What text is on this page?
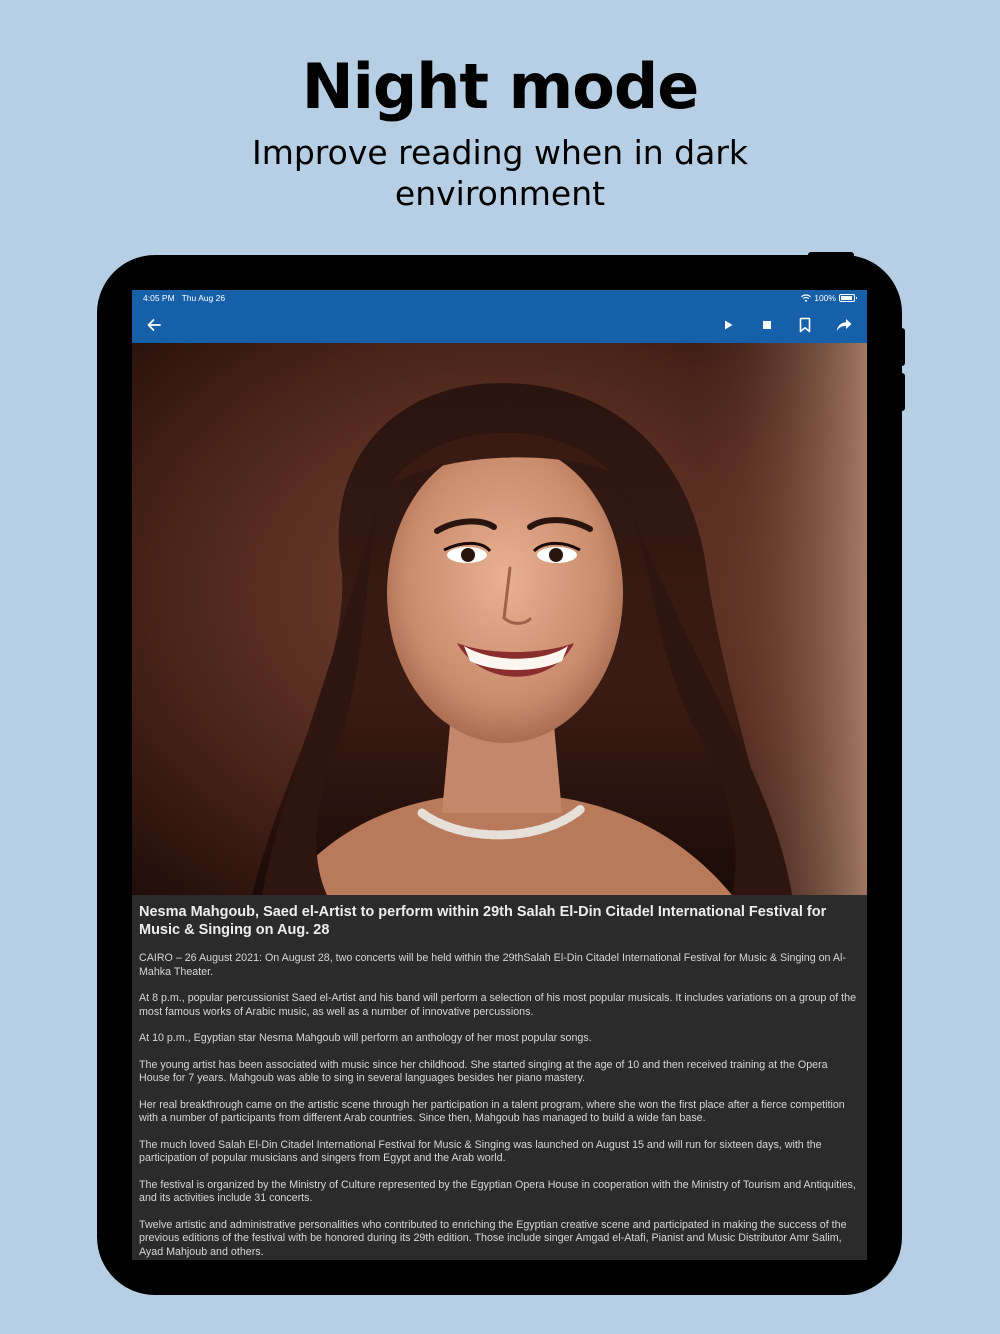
Night mode
Improve reading when in dark environment
4:05 PM Thu Aug 26	100%
Nesma Mahgoub, Saed el-Artist to perform within 29th Salah El-Din Citadel International Festival for Music & Singing on Aug. 28

CAIRO – 26 August 2021: On August 28, two concerts will be held within the 29thSalah El-Din Citadel International Festival for Music & Singing on Al-Mahka Theater.

At 8 p.m., popular percussionist Saed el-Artist and his band will perform a selection of his most popular musicals. It includes variations on a group of the most famous works of Arabic music, as well as a number of innovative percussions.

At 10 p.m., Egyptian star Nesma Mahgoub will perform an anthology of her most popular songs.

The young artist has been associated with music since her childhood. She started singing at the age of 10 and then received training at the Opera House for 7 years. Mahgoub was able to sing in several languages besides her piano mastery.

Her real breakthrough came on the artistic scene through her participation in a talent program, where she won the first place after a fierce competition with a number of participants from different Arab countries. Since then, Mahgoub has managed to build a wide fan base.

The much loved Salah El-Din Citadel International Festival for Music & Singing was launched on August 15 and will run for sixteen days, with the participation of popular musicians and singers from Egypt and the Arab world.

The festival is organized by the Ministry of Culture represented by the Egyptian Opera House in cooperation with the Ministry of Tourism and Antiquities, and its activities include 31 concerts.

Twelve artistic and administrative personalities who contributed to enriching the Egyptian creative scene and participated in making the success of the previous editions of the festival with be honored during its 29th edition. Those include singer Amgad el-Atafi, Pianist and Music Distributor Amr Salim, Ayad Mahjoub and others.
